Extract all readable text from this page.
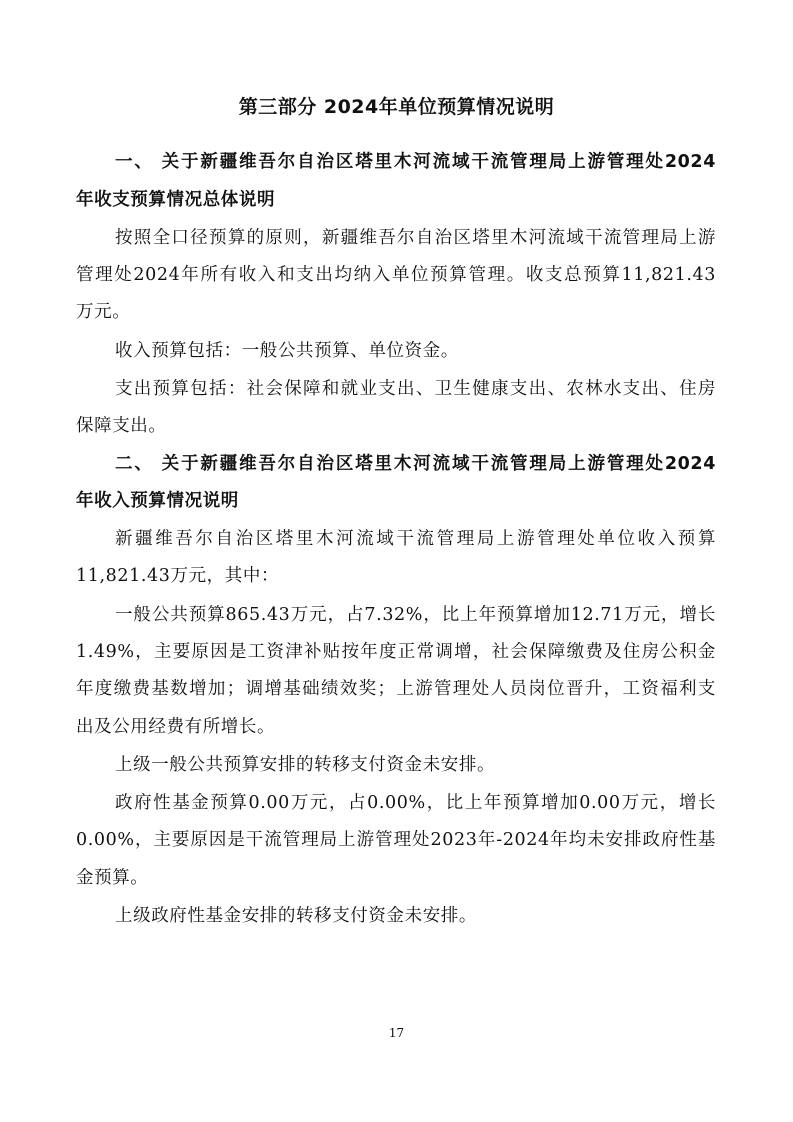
第三部分 2024年单位预算情况说明
一、 关于新疆维吾尔自治区塔里木河流域干流管理局上游管理处2024
年收支预算情况总体说明
按照全口径预算的原则，新疆维吾尔自治区塔里木河流域干流管理局上游
管理处2024年所有收入和支出均纳入单位预算管理。收支总预算11,821.43
万元。
收入预算包括：一般公共预算、单位资金。
支出预算包括：社会保障和就业支出、卫生健康支出、农林水支出、住房
保障支出。
二、 关于新疆维吾尔自治区塔里木河流域干流管理局上游管理处2024
年收入预算情况说明
新疆维吾尔自治区塔里木河流域干流管理局上游管理处单位收入预算
11,821.43万元，其中：
一般公共预算865.43万元，占7.32%，比上年预算增加12.71万元，增长
1.49%，主要原因是工资津补贴按年度正常调增，社会保障缴费及住房公积金
年度缴费基数增加；调增基础绩效奖；上游管理处人员岗位晋升，工资福利支
出及公用经费有所增长。
上级一般公共预算安排的转移支付资金未安排。
政府性基金预算0.00万元，占0.00%，比上年预算增加0.00万元，增长
0.00%，主要原因是干流管理局上游管理处2023年-2024年均未安排政府性基
金预算。
上级政府性基金安排的转移支付资金未安排。
17
